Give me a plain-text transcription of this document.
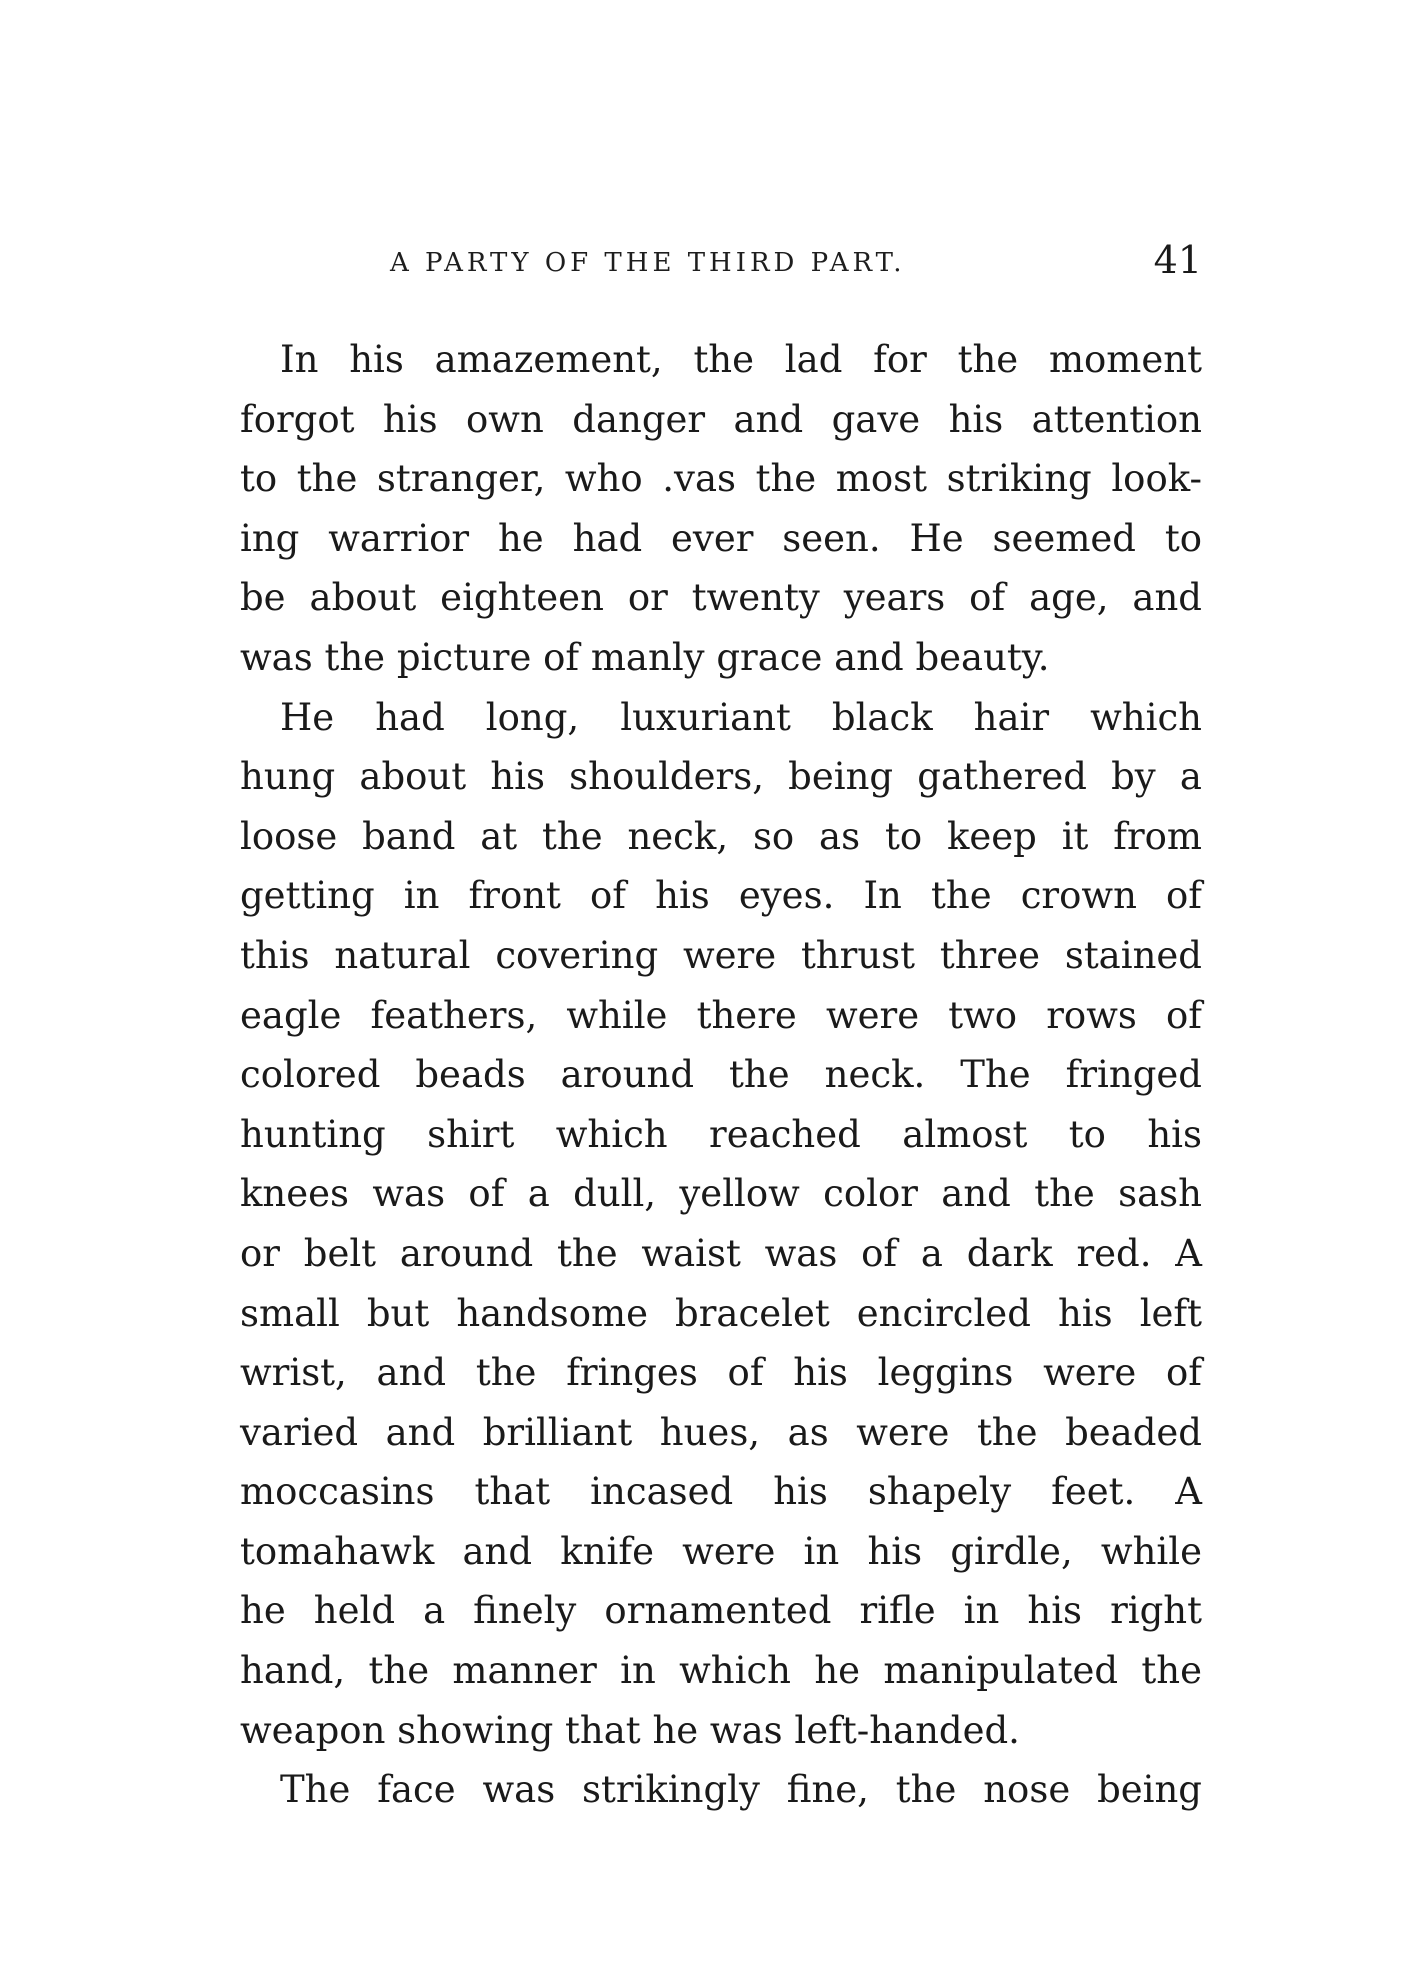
A PARTY OF THE THIRD PART.	41
In his amazement, the lad for the moment
forgot his own danger and gave his attention
to the stranger, who .vas the most striking look-
ing warrior he had ever seen. He seemed to
be about eighteen or twenty years of age, and
was the picture of manly grace and beauty.
He had long, luxuriant black hair which
hung about his shoulders, being gathered by a
loose band at the neck, so as to keep it from
getting in front of his eyes. In the crown of
this natural covering were thrust three stained
eagle feathers, while there were two rows of
colored beads around the neck. The fringed
hunting shirt which reached almost to his
knees was of a dull, yellow color and the sash
or belt around the waist was of a dark red. A
small but handsome bracelet encircled his left
wrist, and the fringes of his leggins were of
varied and brilliant hues, as were the beaded
moccasins that incased his shapely feet. A
tomahawk and knife were in his girdle, while
he held a finely ornamented rifle in his right
hand, the manner in which he manipulated the
weapon showing that he was left-handed.
The face was strikingly fine, the nose being
